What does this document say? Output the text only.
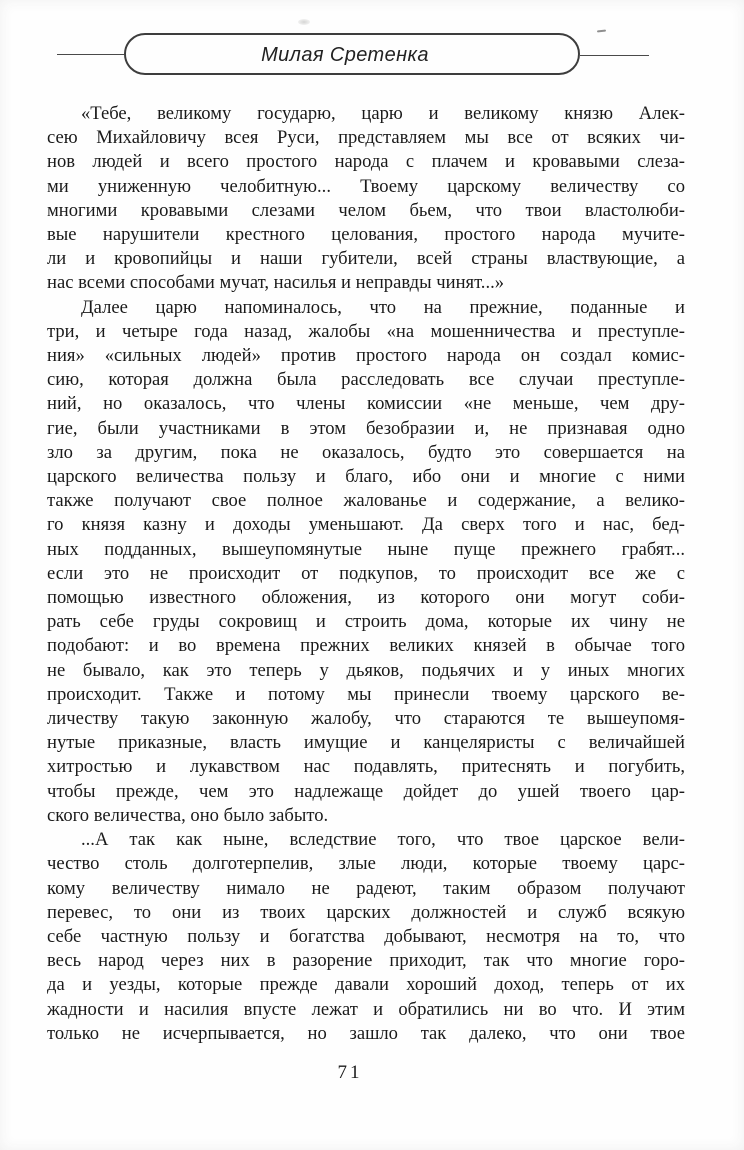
Милая Сретенка
«Тебе, великому государю, царю и великому князю Алек-
сею Михайловичу всея Руси, представляем мы все от всяких чи-
нов людей и всего простого народа с плачем и кровавыми слеза-
ми униженную челобитную... Твоему царскому величеству со
многими кровавыми слезами челом бьем, что твои властолюби-
вые нарушители крестного целования, простого народа мучите-
ли и кровопийцы и наши губители, всей страны властвующие, а
нас всеми способами мучат, насилья и неправды чинят...»
Далее царю напоминалось, что на прежние, поданные и
три, и четыре года назад, жалобы «на мошенничества и преступле-
ния» «сильных людей» против простого народа он создал комис-
сию, которая должна была расследовать все случаи преступле-
ний, но оказалось, что члены комиссии «не меньше, чем дру-
гие, были участниками в этом безобразии и, не признавая одно
зло за другим, пока не оказалось, будто это совершается на
царского величества пользу и благо, ибо они и многие с ними
также получают свое полное жалованье и содержание, а велико-
го князя казну и доходы уменьшают. Да сверх того и нас, бед-
ных подданных, вышеупомянутые ныне пуще прежнего грабят...
если это не происходит от подкупов, то происходит все же с
помощью известного обложения, из которого они могут соби-
рать себе груды сокровищ и строить дома, которые их чину не
подобают: и во времена прежних великих князей в обычае того
не бывало, как это теперь у дьяков, подьячих и у иных многих
происходит. Также и потому мы принесли твоему царского ве-
личеству такую законную жалобу, что стараются те вышеупомя-
нутые приказные, власть имущие и канцеляристы с величайшей
хитростью и лукавством нас подавлять, притеснять и погубить,
чтобы прежде, чем это надлежаще дойдет до ушей твоего цар-
ского величества, оно было забыто.
...А так как ныне, вследствие того, что твое царское вели-
чество столь долготерпелив, злые люди, которые твоему царс-
кому величеству нимало не радеют, таким образом получают
перевес, то они из твоих царских должностей и служб всякую
себе частную пользу и богатства добывают, несмотря на то, что
весь народ через них в разорение приходит, так что многие горо-
да и уезды, которые прежде давали хороший доход, теперь от их
жадности и насилия впусте лежат и обратились ни во что. И этим
только не исчерпывается, но зашло так далеко, что они твое
71
